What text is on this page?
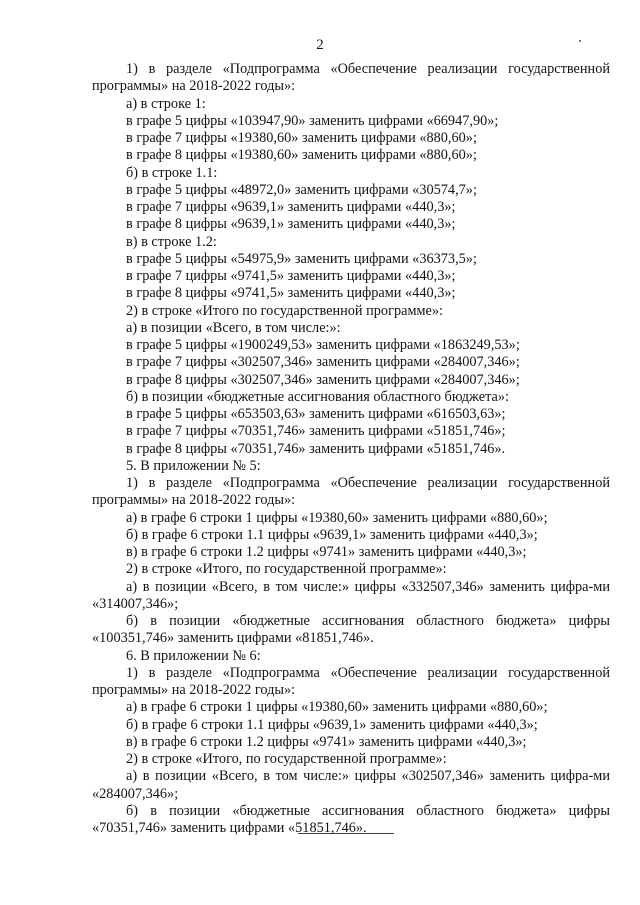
2

1) в разделе «Подпрограмма «Обеспечение реализации государственной программы» на 2018-2022 годы»:

а) в строке 1:

в графе 5 цифры «103947,90» заменить цифрами «66947,90»;

в графе 7 цифры «19380,60» заменить цифрами «880,60»;

в графе 8 цифры «19380,60» заменить цифрами «880,60»;

б) в строке 1.1:

в графе 5 цифры «48972,0» заменить цифрами «30574,7»;

в графе 7 цифры «9639,1» заменить цифрами «440,3»;

в графе 8 цифры «9639,1» заменить цифрами «440,3»;

в) в строке 1.2:

в графе 5 цифры «54975,9» заменить цифрами «36373,5»;

в графе 7 цифры «9741,5» заменить цифрами «440,3»;

в графе 8 цифры «9741,5» заменить цифрами «440,3»;

2) в строке «Итого по государственной программе»:

а) в позиции «Всего, в том числе:»:

в графе 5 цифры «1900249,53» заменить цифрами «1863249,53»;

в графе 7 цифры «302507,346» заменить цифрами «284007,346»;

в графе 8 цифры «302507,346» заменить цифрами «284007,346»;

б) в позиции «бюджетные ассигнования областного бюджета»:

в графе 5 цифры «653503,63» заменить цифрами «616503,63»;

в графе 7 цифры «70351,746» заменить цифрами «51851,746»;

в графе 8 цифры «70351,746» заменить цифрами «51851,746».

5. В приложении № 5:

1) в разделе «Подпрограмма «Обеспечение реализации государственной программы» на 2018-2022 годы»:

а) в графе 6 строки 1 цифры «19380,60» заменить цифрами «880,60»;

б) в графе 6 строки 1.1 цифры «9639,1» заменить цифрами «440,3»;

в) в графе 6 строки 1.2 цифры «9741» заменить цифрами «440,3»;

2) в строке «Итого, по государственной программе»:

а) в позиции «Всего, в том числе:» цифры «332507,346» заменить цифра-ми «314007,346»;

б) в позиции «бюджетные ассигнования областного бюджета» цифры «100351,746» заменить цифрами «81851,746».

6. В приложении № 6:

1) в разделе «Подпрограмма «Обеспечение реализации государственной программы» на 2018-2022 годы»:

а) в графе 6 строки 1 цифры «19380,60» заменить цифрами «880,60»;

б) в графе 6 строки 1.1 цифры «9639,1» заменить цифрами «440,3»;

в) в графе 6 строки 1.2 цифры «9741» заменить цифрами «440,3»;

2) в строке «Итого, по государственной программе»:

а) в позиции «Всего, в том числе:» цифры «302507,346» заменить цифра-ми «284007,346»;

б) в позиции «бюджетные ассигнования областного бюджета» цифры «70351,746» заменить цифрами «51851,746».
